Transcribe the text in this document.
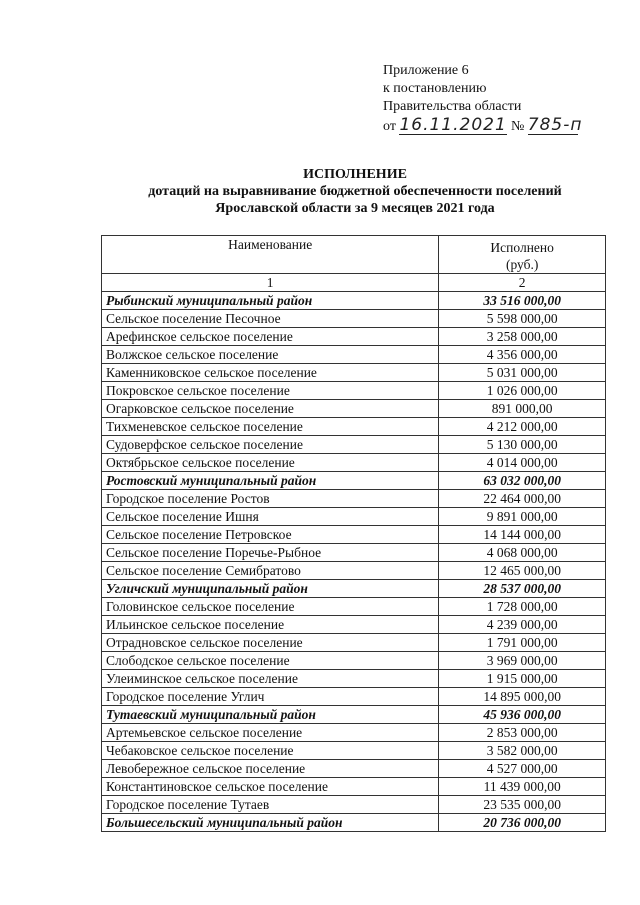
Приложение 6
к постановлению
Правительства области
от 16.11.2021 № 785-п
ИСПОЛНЕНИЕ
дотаций на выравнивание бюджетной обеспеченности поселений
Ярославской области за 9 месяцев 2021 года
Наименование	Исполнено
(руб.)

1	2
Рыбинский муниципальный район	33 516 000,00
Сельское поселение Песочное	5 598 000,00
Арефинское сельское поселение	3 258 000,00
Волжское сельское поселение	4 356 000,00
Каменниковское сельское поселение	5 031 000,00
Покровское сельское поселение	1 026 000,00
Огарковское сельское поселение	891 000,00
Тихменевское сельское поселение	4 212 000,00
Судоверфское сельское поселение	5 130 000,00
Октябрьское сельское поселение	4 014 000,00
Ростовский муниципальный район	63 032 000,00
Городское поселение Ростов	22 464 000,00
Сельское поселение Ишня	9 891 000,00
Сельское поселение Петровское	14 144 000,00
Сельское поселение Поречье-Рыбное	4 068 000,00
Сельское поселение Семибратово	12 465 000,00
Угличский муниципальный район	28 537 000,00
Головинское сельское поселение	1 728 000,00
Ильинское сельское поселение	4 239 000,00
Отрадновское сельское поселение	1 791 000,00
Слободское сельское поселение	3 969 000,00
Улеиминское сельское поселение	1 915 000,00
Городское поселение Углич	14 895 000,00
Тутаевский муниципальный район	45 936 000,00
Артемьевское сельское поселение	2 853 000,00
Чебаковское сельское поселение	3 582 000,00
Левобережное сельское поселение	4 527 000,00
Константиновское сельское поселение	11 439 000,00
Городское поселение Тутаев	23 535 000,00
Большесельский муниципальный район	20 736 000,00
